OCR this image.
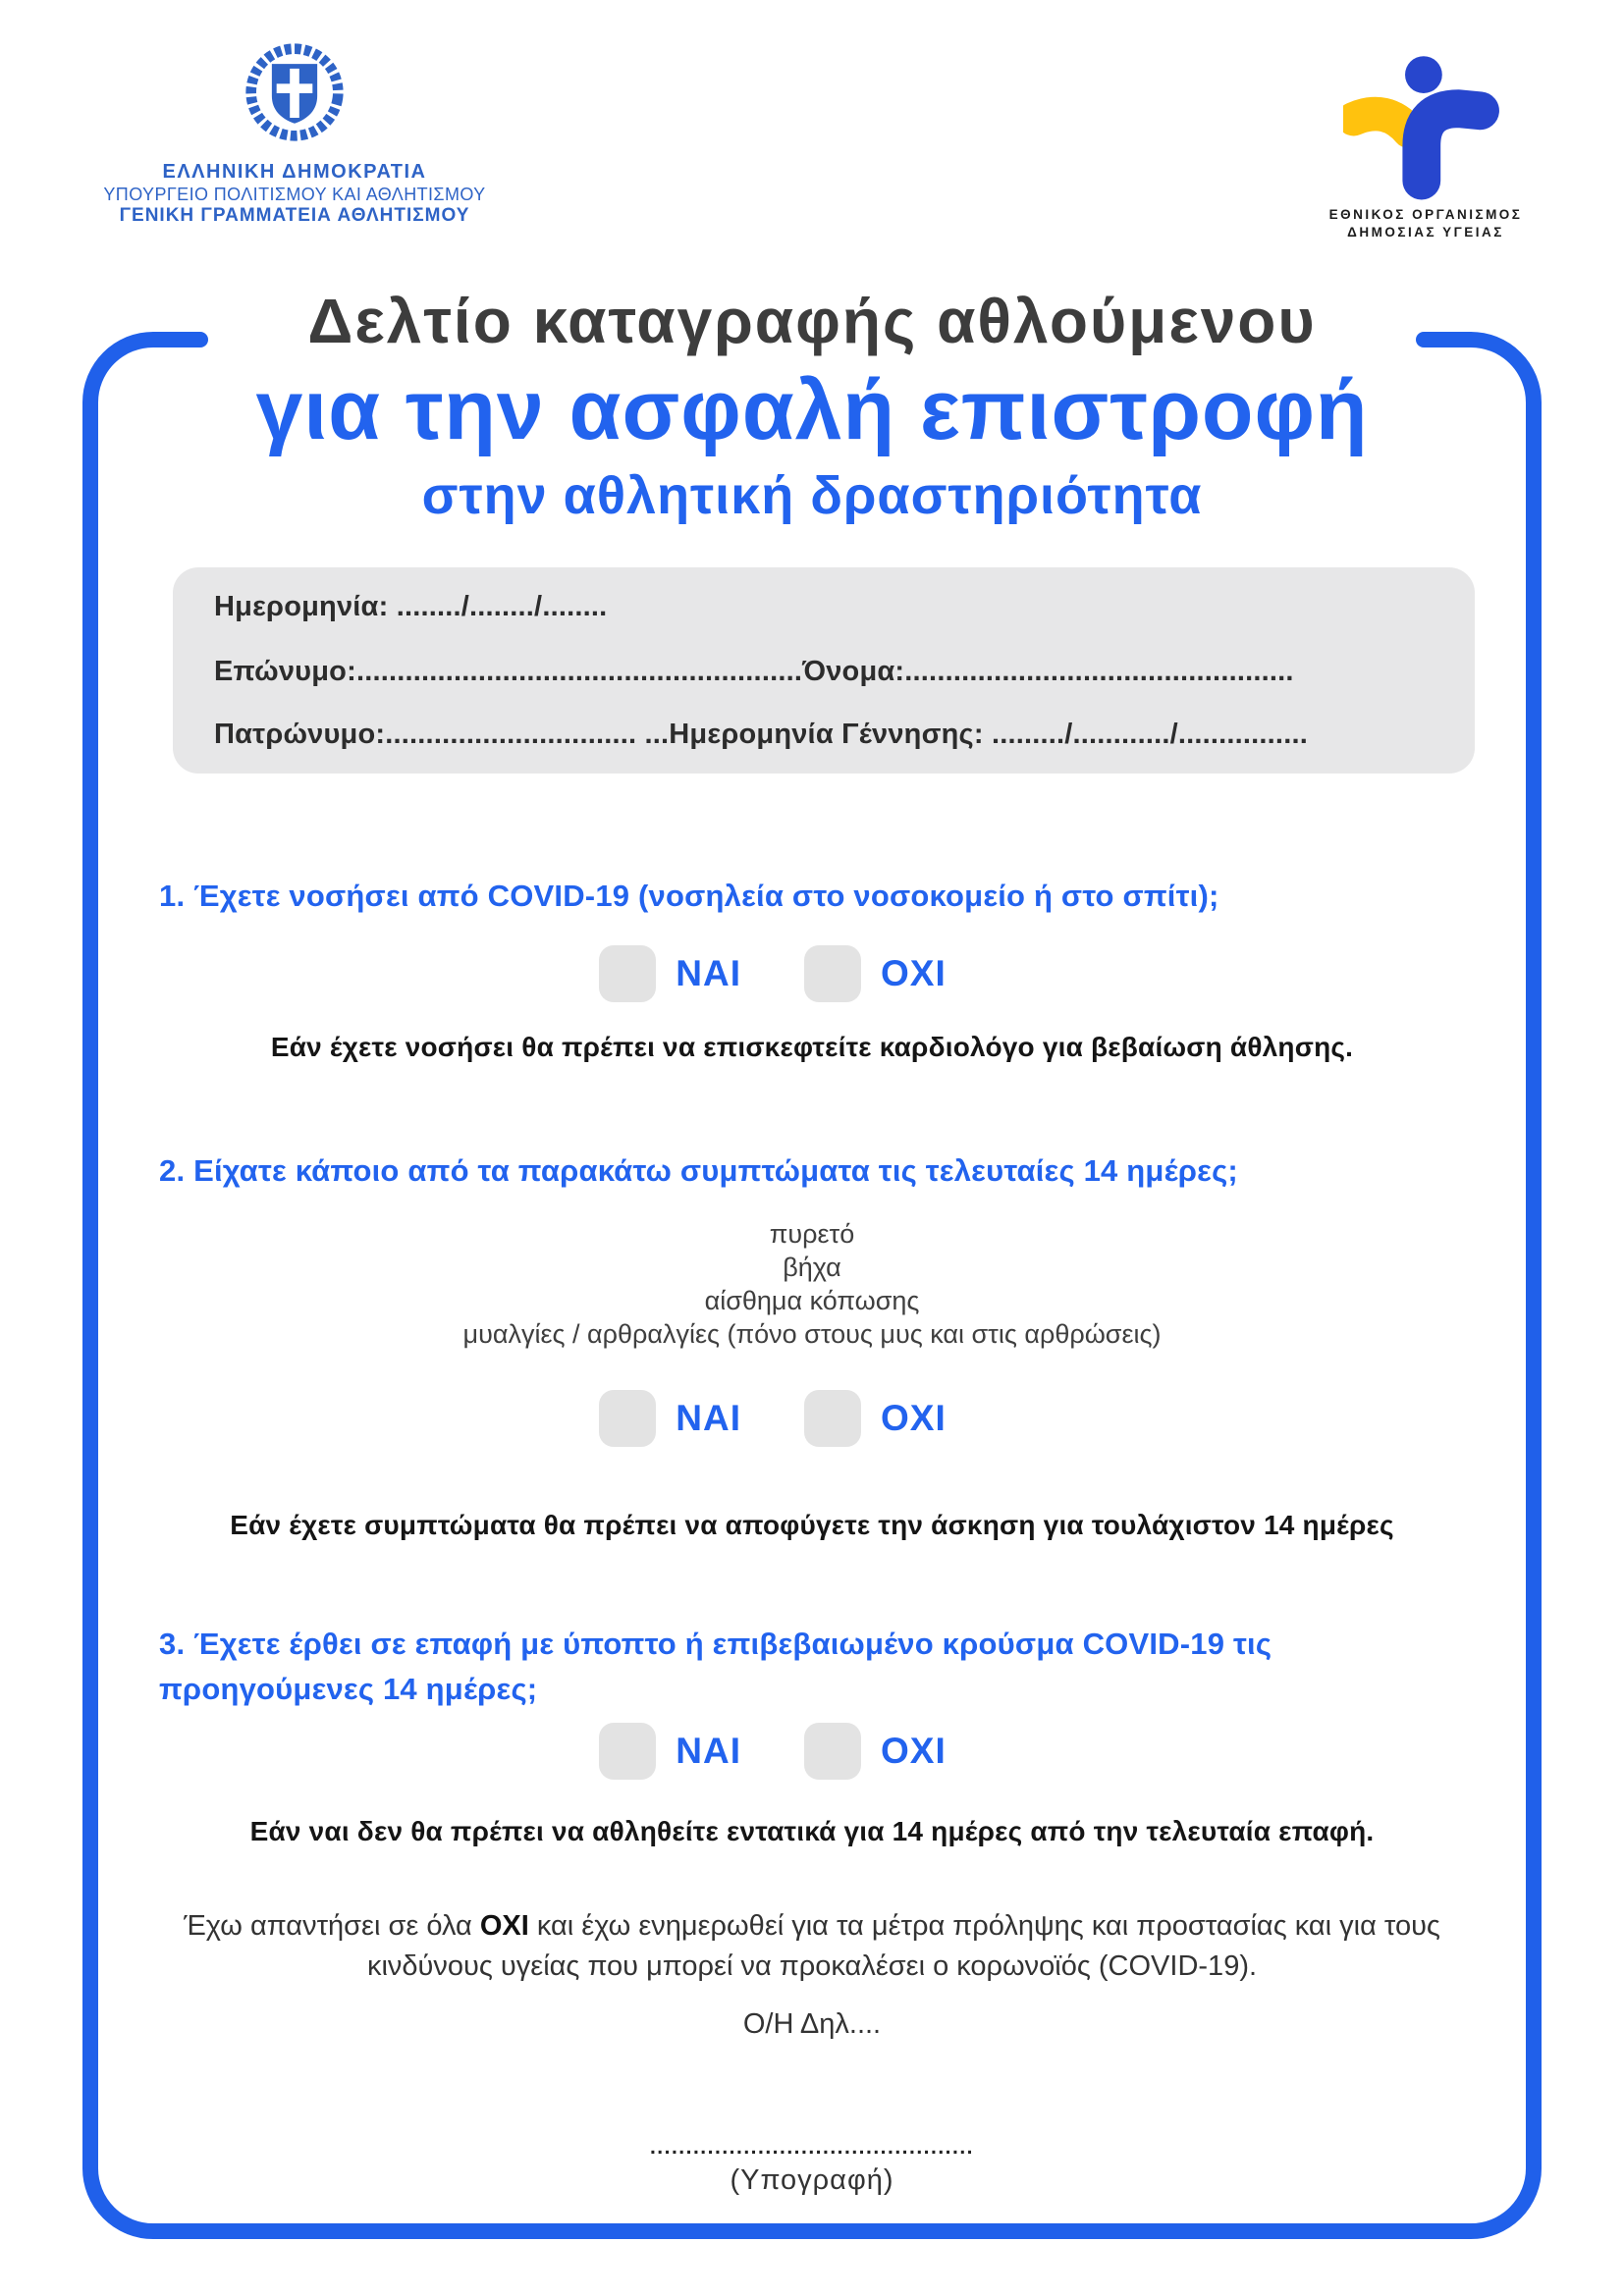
ΕΛΛΗΝΙΚΗ ΔΗΜΟΚΡΑΤΙΑ
ΥΠΟΥΡΓΕΙΟ ΠΟΛΙΤΙΣΜΟΥ ΚΑΙ ΑΘΛΗΤΙΣΜΟΥ
ΓΕΝΙΚΗ ΓΡΑΜΜΑΤΕΙΑ ΑΘΛΗΤΙΣΜΟΥ	ΕΘΝΙΚΟΣ ΟΡΓΑΝΙΣΜΟΣ
ΔΗΜΟΣΙΑΣ ΥΓΕΙΑΣ
Δελτίο καταγραφής αθλούμενου
για την ασφαλή επιστροφή
στην αθλητική δραστηριότητα
Ημερομηνία: ......../......../........
Επώνυμο:.......................................................Όνομα:................................................
Πατρώνυμο:............................... ...Ημερομηνία Γέννησης: ........./............/................
1. Έχετε νοσήσει από COVID-19 (νοσηλεία στο νοσοκομείο ή στο σπίτι);
ΝΑΙ	ΟΧΙ
Εάν έχετε νοσήσει θα πρέπει να επισκεφτείτε καρδιολόγο για βεβαίωση άθλησης.
2. Είχατε κάποιο από τα παρακάτω συμπτώματα τις τελευταίες 14 ημέρες;
πυρετό
βήχα
αίσθημα κόπωσης
μυαλγίες / αρθραλγίες (πόνο στους μυς και στις αρθρώσεις)
ΝΑΙ	ΟΧΙ
Εάν έχετε συμπτώματα θα πρέπει να αποφύγετε την άσκηση για τουλάχιστον 14 ημέρες
3. Έχετε έρθει σε επαφή με ύποπτο ή επιβεβαιωμένο κρούσμα COVID-19 τις
προηγούμενες 14 ημέρες;
ΝΑΙ	ΟΧΙ
Εάν ναι δεν θα πρέπει να αθληθείτε εντατικά για 14 ημέρες από την τελευταία επαφή.
Έχω απαντήσει σε όλα ΟΧΙ και έχω ενημερωθεί για τα μέτρα πρόληψης και προστασίας και για τους κινδύνους υγείας που μπορεί να προκαλέσει ο κορωνοϊός (COVID-19).
Ο/Η Δηλ....
.............................................
(Υπογραφή)
